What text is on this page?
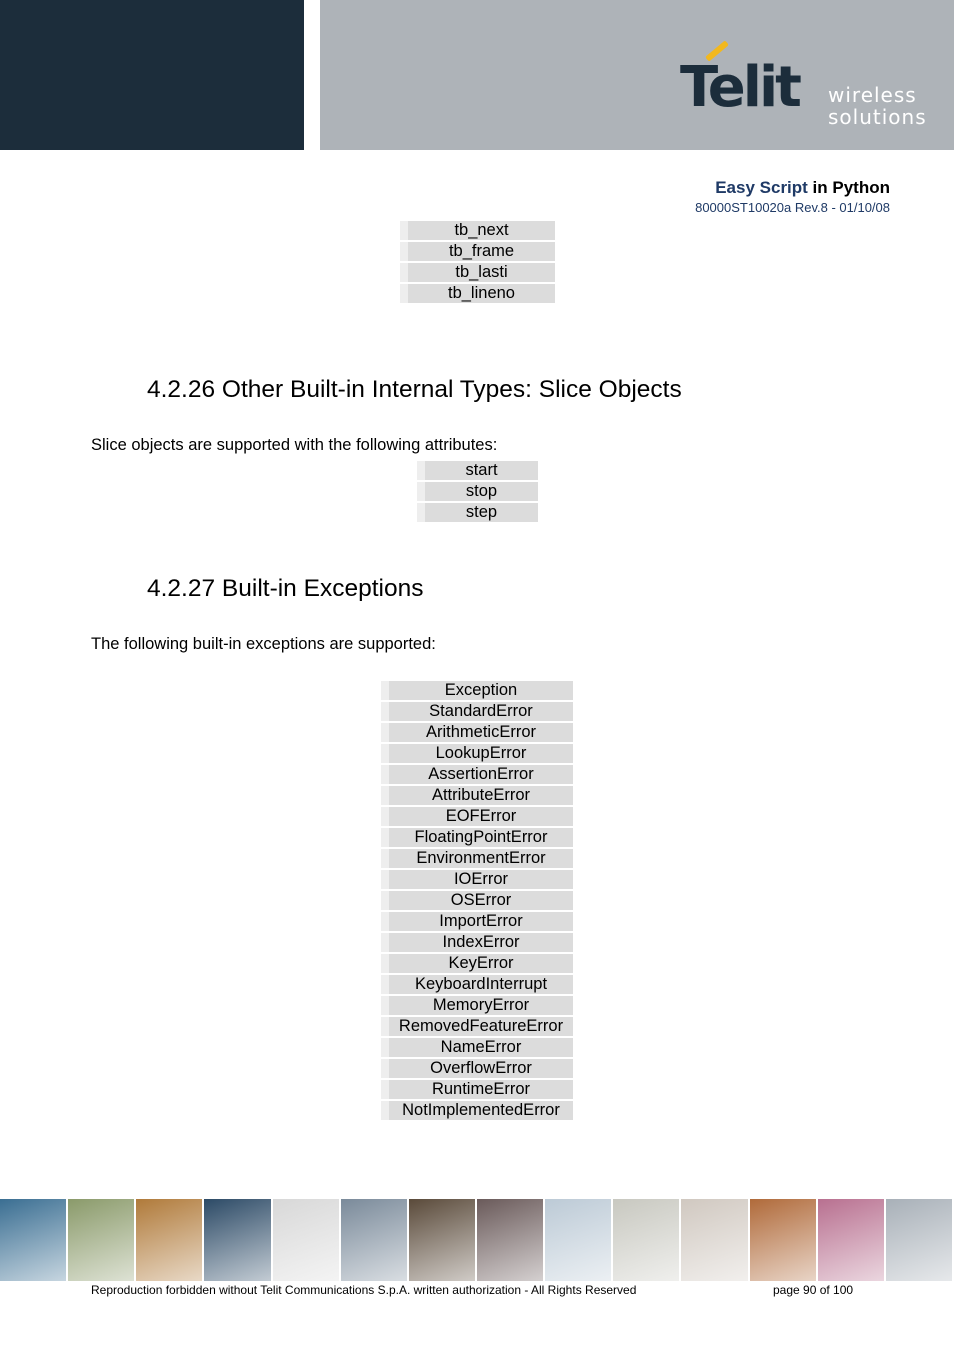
Telit wireless
solutions
Easy Script in Python
80000ST10020a Rev.8 - 01/10/08
tb_next
tb_frame
tb_lasti
tb_lineno
4.2.26 Other Built-in Internal Types: Slice Objects

Slice objects are supported with the following attributes:

start
stop
step
4.2.27 Built-in Exceptions

The following built-in exceptions are supported:

Exception
StandardError
ArithmeticError
LookupError
AssertionError
AttributeError
EOFError
FloatingPointError
EnvironmentError
IOError
OSError
ImportError
IndexError
KeyError
KeyboardInterrupt
MemoryError
RemovedFeatureError
NameError
OverflowError
RuntimeError
NotImplementedError
Reproduction forbidden without Telit Communications S.p.A. written authorization - All Rights Reserved	page 90 of 100
